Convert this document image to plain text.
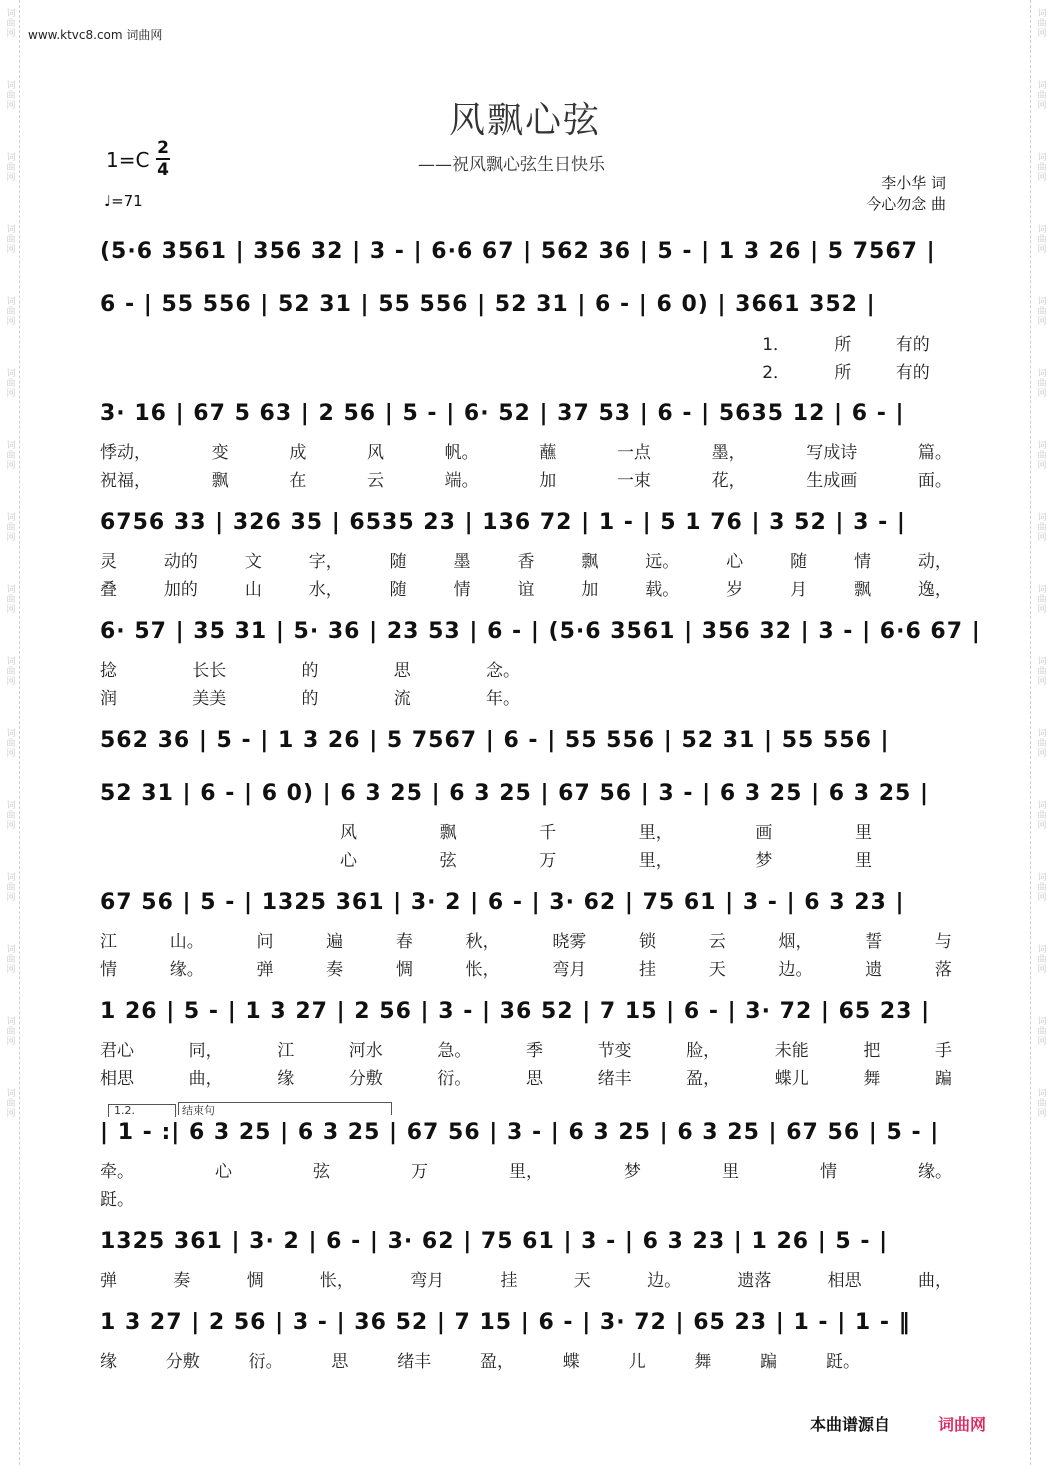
词曲网
词曲网
词曲网
词曲网
词曲网
词曲网
词曲网
词曲网
词曲网
词曲网
词曲网
词曲网
词曲网
词曲网
词曲网
词曲网
词曲网
词曲网
词曲网
词曲网
词曲网
词曲网
词曲网
词曲网
词曲网
词曲网
词曲网
词曲网
词曲网
词曲网
词曲网
词曲网
www.ktvc8.com 词曲网
风飘心弦
——祝风飘心弦生日快乐
1=C 2
4
♩=71
李小华 词
今心勿念 曲
(5·6 3561 | 356 32 | 3 - | 6·6 67 | 562 36 | 5 - | 1 3 26 | 5 7567 |
6 - | 55 556 | 52 31 | 55 556 | 52 31 | 6 - | 6 0) | 3661 352 |
3· 16 | 67 5 63 | 2 56 | 5 - | 6· 52 | 37 53 | 6 - | 5635 12 | 6 - |
6756 33 | 326 35 | 6535 23 | 136 72 | 1 - | 5 1 76 | 3 52 | 3 - |
6· 57 | 35 31 | 5· 36 | 23 53 | 6 - | (5·6 3561 | 356 32 | 3 - | 6·6 67 |
562 36 | 5 - | 1 3 26 | 5 7567 | 6 - | 55 556 | 52 31 | 55 556 |
52 31 | 6 - | 6 0) | 6 3 25 | 6 3 25 | 67 56 | 3 - | 6 3 25 | 6 3 25 |
67 56 | 5 - | 1325 361 | 3· 2 | 6 - | 3· 62 | 75 61 | 3 - | 6 3 23 |
1 26 | 5 - | 1 3 27 | 2 56 | 3 - | 36 52 | 7 15 | 6 - | 3· 72 | 65 23 |
| 1 - :| 6 3 25 | 6 3 25 | 67 56 | 3 - | 6 3 25 | 6 3 25 | 67 56 | 5 - |
1325 361 | 3· 2 | 6 - | 3· 62 | 75 61 | 3 - | 6 3 23 | 1 26 | 5 - |
1 3 27 | 2 56 | 3 - | 36 52 | 7 15 | 6 - | 3· 72 | 65 23 | 1 - | 1 - ‖
1.2.	结束句
1．	所	有的
2．	所	有的
悸动，	变	成	风	帆。	蘸	一点	墨，	写成诗	篇。
祝福，	飘	在	云	端。	加	一束	花，	生成画	面。
灵	动的	文	字，	随	墨	香	飘	远。	心	随	情	动，
叠	加的	山	水，	随	情	谊	加	载。	岁	月	飘	逸，
捻	长长	的	思	念。
润	美美	的	流	年。
风	飘	千	里，	画	里
心	弦	万	里，	梦	里
江	山。	问	遍	春	秋，	晓雾	锁	云	烟，	誓	与
情	缘。	弹	奏	惆	怅，	弯月	挂	天	边。	遗	落
君心	同，	江	河水	急。	季	节变	脸，	未能	把	手
相思	曲，	缘	分敷	衍。	思	绪丰	盈，	蝶儿	舞	蹁
牵。	心	弦	万	里，	梦	里	情	缘。
跹。
弹	奏	惆	怅，	弯月	挂	天	边。	遗落	相思	曲，
缘	分敷	衍。	思	绪丰	盈，	蝶	儿	舞	蹁	跹。
本曲谱源自	词曲网
